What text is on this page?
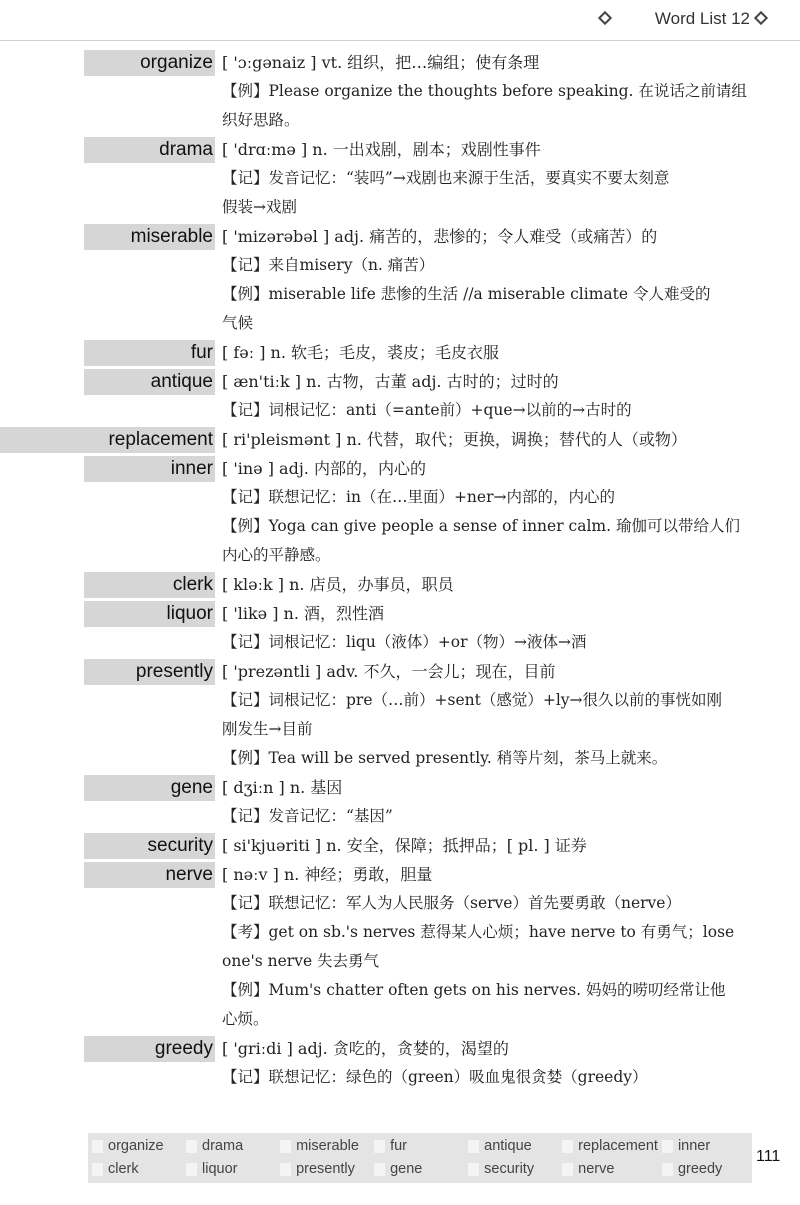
Word List 12
organize [ 'ɔːgənaiz ] vt. 组织，把…编组；使有条理
【例】Please organize the thoughts before speaking. 在说话之前请组
织好思路。
drama [ 'drɑːmə ] n. 一出戏剧，剧本；戏剧性事件
【记】发音记忆：“装吗”→戏剧也来源于生活，要真实不要太刻意
假装→戏剧
miserable [ 'mizərəbəl ] adj. 痛苦的，悲惨的；令人难受（或痛苦）的
【记】来自misery（n. 痛苦）
【例】miserable life 悲惨的生活 //a miserable climate 令人难受的
气候
fur [ fəː ] n. 软毛；毛皮，裘皮；毛皮衣服
antique [ æn'tiːk ] n. 古物，古董 adj. 古时的；过时的
【记】词根记忆：anti（=ante前）+que→以前的→古时的
replacement [ ri'pleismənt ] n. 代替，取代；更换，调换；替代的人（或物）
inner [ 'inə ] adj. 内部的，内心的
【记】联想记忆：in（在…里面）+ner→内部的，内心的
【例】Yoga can give people a sense of inner calm. 瑜伽可以带给人们
内心的平静感。
clerk [ kləːk ] n. 店员，办事员，职员
liquor [ 'likə ] n. 酒，烈性酒
【记】词根记忆：liqu（液体）+or（物）→液体→酒
presently [ 'prezəntli ] adv. 不久，一会儿；现在，目前
【记】词根记忆：pre（…前）+sent（感觉）+ly→很久以前的事恍如刚
刚发生→目前
【例】Tea will be served presently. 稍等片刻，茶马上就来。
gene [ dʒiːn ] n. 基因
【记】发音记忆：“基因”
security [ si'kjuəriti ] n. 安全，保障；抵押品；[ pl. ] 证券
nerve [ nəːv ] n. 神经；勇敢，胆量
【记】联想记忆：军人为人民服务（serve）首先要勇敢（nerve）
【考】get on sb.'s nerves 惹得某人心烦；have nerve to 有勇气；lose
one's nerve 失去勇气
【例】Mum's chatter often gets on his nerves. 妈妈的唠叨经常让他
心烦。
greedy [ 'griːdi ] adj. 贪吃的，贪婪的，渴望的
【记】联想记忆：绿色的（green）吸血鬼很贪婪（greedy）
organize	drama	miserable	fur	antique	replacement	inner
clerk	liquor	presently	gene	security	nerve	greedy
111
